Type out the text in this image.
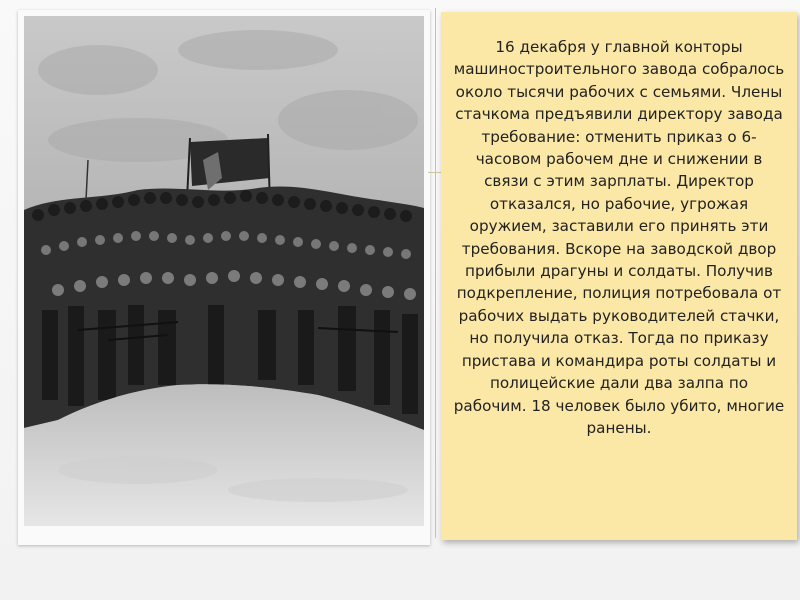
16 декабря у главной конторы машиностроительного завода собралось около тысячи рабочих с семьями. Члены стачкома предъявили директору завода требование: отменить приказ о 6-часовом рабочем дне и снижении в связи с этим зарплаты. Директор отказался, но рабочие, угрожая оружием, заставили его принять эти требования. Вскоре на заводской двор прибыли драгуны и солдаты. Получив подкрепление, полиция потребовала от рабочих выдать руководителей стачки, но получила отказ. Тогда по приказу пристава и командира роты солдаты и полицейские дали два залпа по рабочим. 18 человек было убито, многие ранены.
